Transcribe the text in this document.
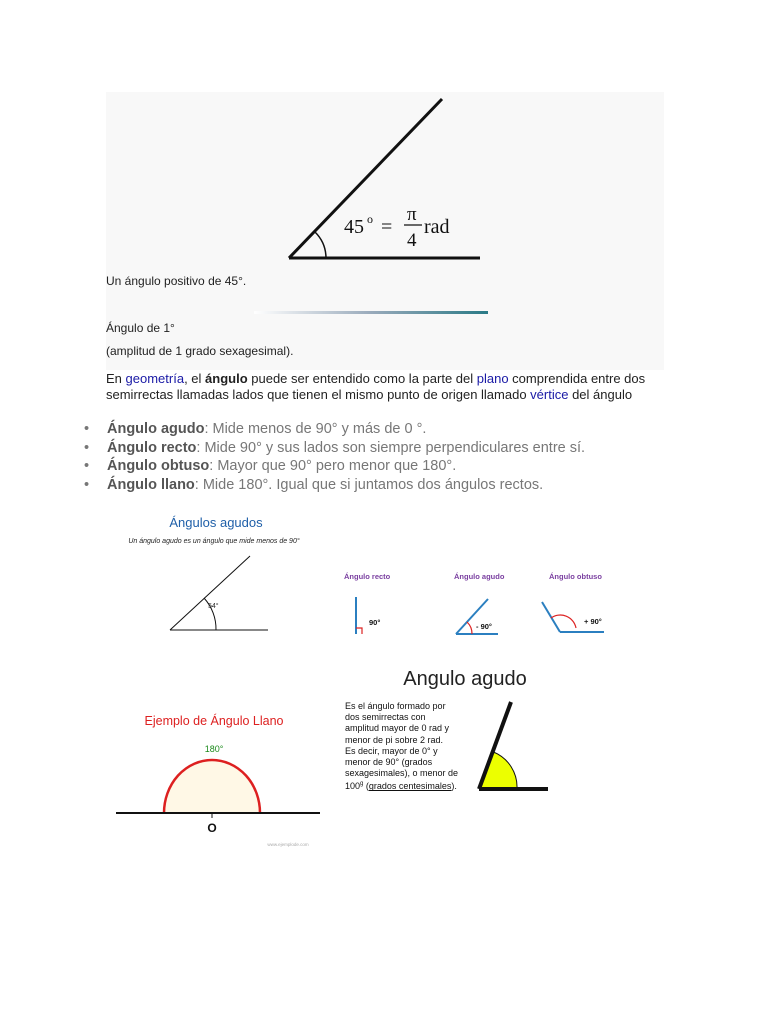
45 o =
π
4
rad
Un ángulo positivo de 45°.
Ángulo de 1°
(amplitud de 1 grado sexagesimal).
En geometría, el ángulo puede ser entendido como la parte del plano comprendida entre dos semirrectas llamadas lados que tienen el mismo punto de origen llamado vértice del ángulo
• Ángulo agudo: Mide menos de 90° y más de 0 °.
• Ángulo recto: Mide 90° y sus lados son siempre perpendiculares entre sí.
• Ángulo obtuso: Mayor que 90° pero menor que 180°.
• Ángulo llano: Mide 180°. Igual que si juntamos dos ángulos rectos.
Ángulos agudos
Un ángulo agudo es un ángulo que mide menos de 90°
54°
Ángulo recto	Ángulo agudo	Ángulo obtuso
90°	- 90°
+ 90°
Ejemplo de Ángulo Llano
180°
O
www.ejemplode.com
Angulo agudo
Es el ángulo formado por
dos semirrectas con
amplitud mayor de 0 rad y
menor de pi sobre 2 rad.
Es decir, mayor de 0° y
menor de 90° (grados
sexagesimales), o menor de
100$^g$ (grados centesimales).
